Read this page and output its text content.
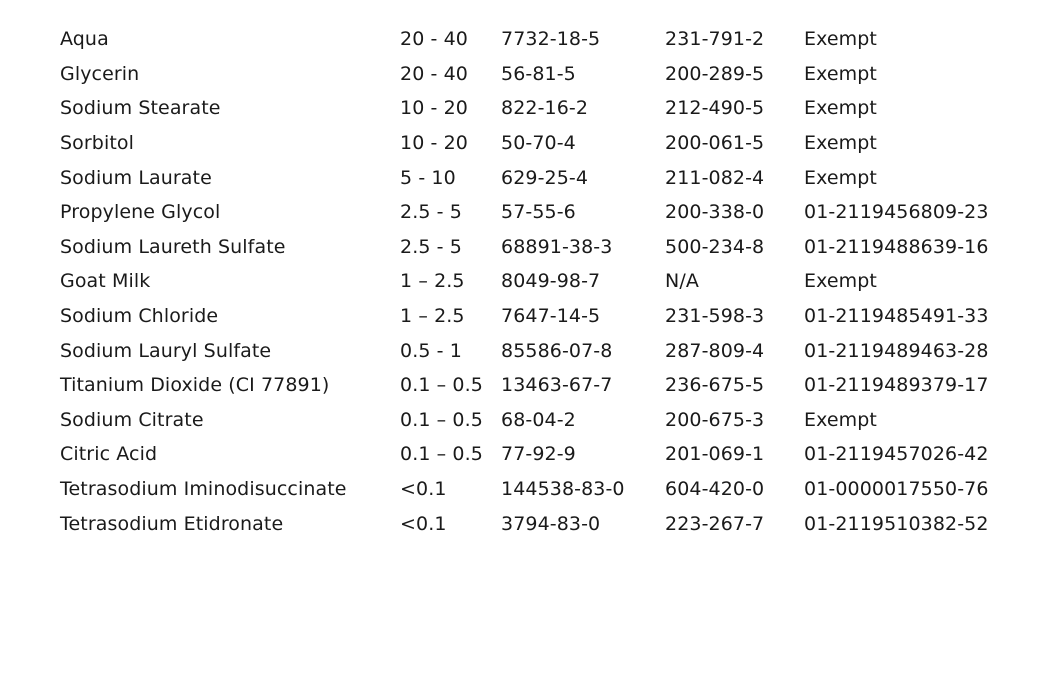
Aqua	20 - 40	7732-18-5	231-791-2	Exempt
Glycerin	20 - 40	56-81-5	200-289-5	Exempt
Sodium Stearate	10 - 20	822-16-2	212-490-5	Exempt
Sorbitol	10 - 20	50-70-4	200-061-5	Exempt
Sodium Laurate	5 - 10	629-25-4	211-082-4	Exempt
Propylene Glycol	2.5 - 5	57-55-6	200-338-0	01-2119456809-23
Sodium Laureth Sulfate	2.5 - 5	68891-38-3	500-234-8	01-2119488639-16
Goat Milk	1 – 2.5	8049-98-7	N/A	Exempt
Sodium Chloride	1 – 2.5	7647-14-5	231-598-3	01-2119485491-33
Sodium Lauryl Sulfate	0.5 - 1	85586-07-8	287-809-4	01-2119489463-28
Titanium Dioxide (CI 77891)	0.1 – 0.5	13463-67-7	236-675-5	01-2119489379-17
Sodium Citrate	0.1 – 0.5	68-04-2	200-675-3	Exempt
Citric Acid	0.1 – 0.5	77-92-9	201-069-1	01-2119457026-42
Tetrasodium Iminodisuccinate	<0.1	144538-83-0	604-420-0	01-0000017550-76
Tetrasodium Etidronate	<0.1	3794-83-0	223-267-7	01-2119510382-52
